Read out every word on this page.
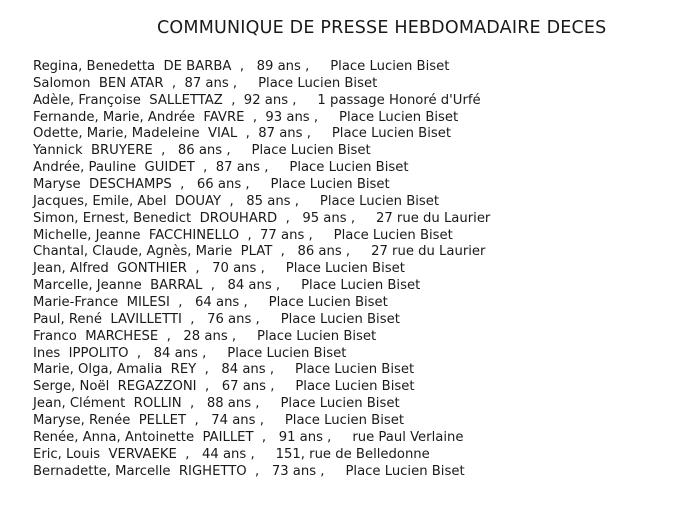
COMMUNIQUE DE PRESSE HEBDOMADAIRE DECES
Regina, Benedetta  DE BARBA  ,   89 ans ,     Place Lucien Biset
Salomon  BEN ATAR  ,  87 ans ,     Place Lucien Biset
Adèle, Françoise  SALLETTAZ  ,  92 ans ,     1 passage Honoré d'Urfé
Fernande, Marie, Andrée  FAVRE  ,  93 ans ,     Place Lucien Biset
Odette, Marie, Madeleine  VIAL  ,  87 ans ,     Place Lucien Biset
Yannick  BRUYERE  ,   86 ans ,     Place Lucien Biset
Andrée, Pauline  GUIDET  ,  87 ans ,     Place Lucien Biset
Maryse  DESCHAMPS  ,   66 ans ,     Place Lucien Biset
Jacques, Emile, Abel  DOUAY  ,   85 ans ,     Place Lucien Biset
Simon, Ernest, Benedict  DROUHARD  ,   95 ans ,     27 rue du Laurier
Michelle, Jeanne  FACCHINELLO  ,  77 ans ,     Place Lucien Biset
Chantal, Claude, Agnès, Marie  PLAT  ,   86 ans ,     27 rue du Laurier
Jean, Alfred  GONTHIER  ,   70 ans ,     Place Lucien Biset
Marcelle, Jeanne  BARRAL  ,   84 ans ,     Place Lucien Biset
Marie-France  MILESI  ,   64 ans ,     Place Lucien Biset
Paul, René  LAVILLETTI  ,   76 ans ,     Place Lucien Biset
Franco  MARCHESE  ,   28 ans ,     Place Lucien Biset
Ines  IPPOLITO  ,   84 ans ,     Place Lucien Biset
Marie, Olga, Amalia  REY  ,   84 ans ,     Place Lucien Biset
Serge, Noël  REGAZZONI  ,   67 ans ,     Place Lucien Biset
Jean, Clément  ROLLIN  ,   88 ans ,     Place Lucien Biset
Maryse, Renée  PELLET  ,   74 ans ,     Place Lucien Biset
Renée, Anna, Antoinette  PAILLET  ,   91 ans ,     rue Paul Verlaine
Eric, Louis  VERVAEKE  ,   44 ans ,     151, rue de Belledonne
Bernadette, Marcelle  RIGHETTO  ,   73 ans ,     Place Lucien Biset
